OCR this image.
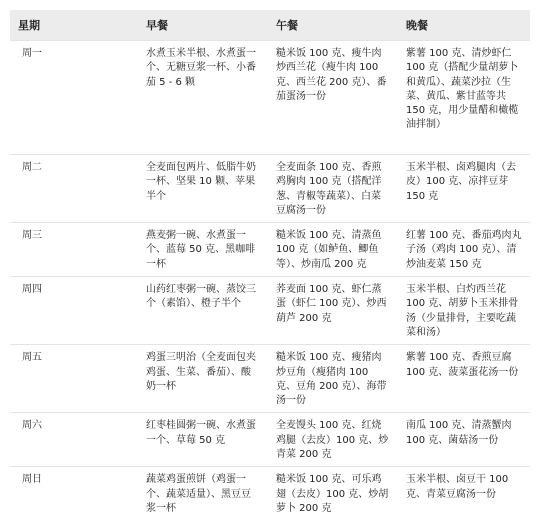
星期	早餐	午餐	晚餐
周一	水煮玉米半根、水煮蛋一个、无糖豆浆一杯、小番茄 5 - 6 颗	糙米饭 100 克、瘦牛肉炒西兰花（瘦牛肉 100 克、西兰花 200 克）、番茄蛋汤一份	紫薯 100 克、清炒虾仁 100 克（搭配少量胡萝卜和黄瓜）、蔬菜沙拉（生菜、黄瓜、紫甘蓝等共 150 克，用少量醋和橄榄油拌制）
周二	全麦面包两片、低脂牛奶一杯、坚果 10 颗、苹果半个	全麦面条 100 克、香煎鸡胸肉 100 克（搭配洋葱、青椒等蔬菜）、白菜豆腐汤一份	玉米半根、卤鸡腿肉（去皮）100 克、凉拌豆芽 150 克
周三	燕麦粥一碗、水煮蛋一个、蓝莓 50 克、黑咖啡一杯	糙米饭 100 克、清蒸鱼 100 克（如鲈鱼、鲫鱼等）、炒南瓜 200 克	红薯 100 克、番茄鸡肉丸子汤（鸡肉 100 克）、清炒油麦菜 150 克
周四	山药红枣粥一碗、蒸饺三个（素馅）、橙子半个	荞麦面 100 克、虾仁蒸蛋（虾仁 100 克）、炒西葫芦 200 克	玉米半根、白灼西兰花 100 克、胡萝卜玉米排骨汤（少量排骨，主要吃蔬菜和汤）
周五	鸡蛋三明治（全麦面包夹鸡蛋、生菜、番茄）、酸奶一杯	糙米饭 100 克、瘦猪肉炒豆角（瘦猪肉 100 克、豆角 200 克）、海带汤一份	紫薯 100 克、香煎豆腐 100 克、菠菜蛋花汤一份
周六	红枣桂圆粥一碗、水煮蛋一个、草莓 50 克	全麦馒头 100 克、红烧鸡腿（去皮）100 克、炒青菜 200 克	南瓜 100 克、清蒸蟹肉 100 克、菌菇汤一份
周日	蔬菜鸡蛋煎饼（鸡蛋一个、蔬菜适量）、黑豆豆浆一杯	糙米饭 100 克、可乐鸡翅（去皮）100 克、炒胡萝卜 200 克	玉米半根、卤豆干 100 克、青菜豆腐汤一份
